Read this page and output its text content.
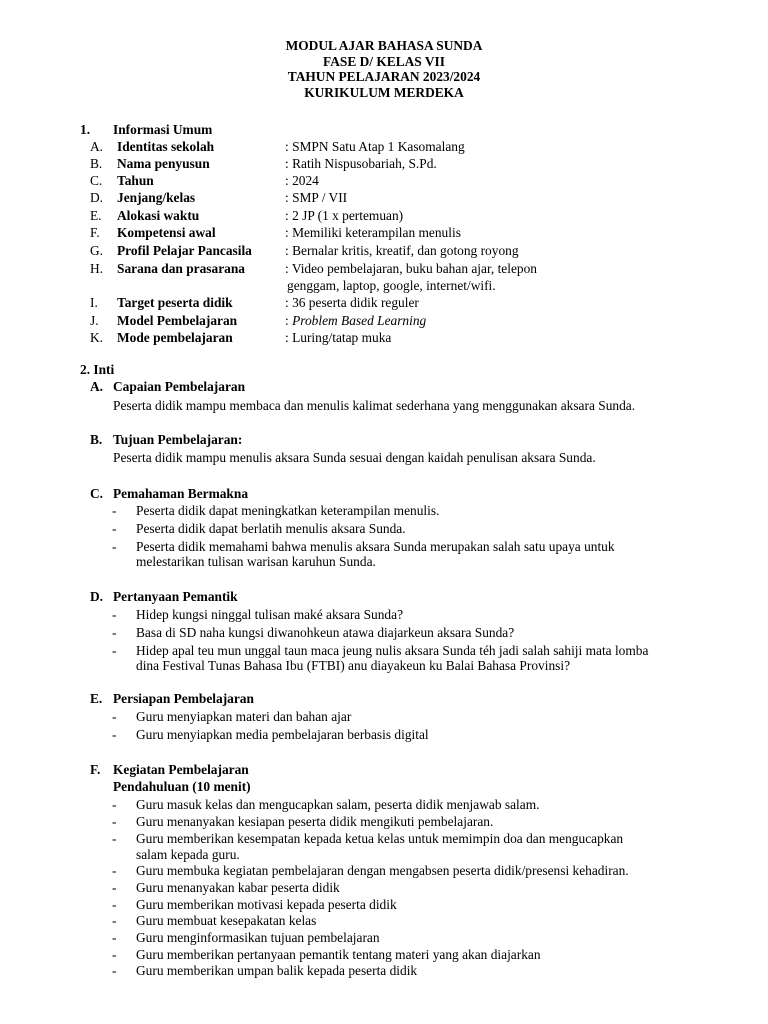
MODUL AJAR BAHASA SUNDA
FASE D/ KELAS VII
TAHUN PELAJARAN 2023/2024
KURIKULUM MERDEKA
1. Informasi Umum
A. Identitas sekolah	: SMPN Satu Atap 1 Kasomalang
B. Nama penyusun	: Ratih Nispusobariah, S.Pd.
C. Tahun	: 2024
D. Jenjang/kelas	: SMP / VII
E. Alokasi waktu	: 2 JP (1 x pertemuan)
F. Kompetensi awal	: Memiliki keterampilan menulis
G. Profil Pelajar Pancasila : Bernalar kritis, kreatif, dan gotong royong
H. Sarana dan prasarana	: Video pembelajaran, buku bahan ajar, telepon
genggam, laptop, google, internet/wifi.
I. Target peserta didik	: 36 peserta didik reguler
J. Model Pembelajaran	: Problem Based Learning
K. Mode pembelajaran	: Luring/tatap muka
2. Inti
A. Capaian Pembelajaran
Peserta didik mampu membaca dan menulis kalimat sederhana yang menggunakan aksara Sunda.
B. Tujuan Pembelajaran:
Peserta didik mampu menulis aksara Sunda sesuai dengan kaidah penulisan aksara Sunda.
C. Pemahaman Bermakna
- Peserta didik dapat meningkatkan keterampilan menulis.
- Peserta didik dapat berlatih menulis aksara Sunda.
- Peserta didik memahami bahwa menulis aksara Sunda merupakan salah satu upaya untuk
melestarikan tulisan warisan karuhun Sunda.
D. Pertanyaan Pemantik
- Hidep kungsi ninggal tulisan maké aksara Sunda?
- Basa di SD naha kungsi diwanohkeun atawa diajarkeun aksara Sunda?
- Hidep apal teu mun unggal taun maca jeung nulis aksara Sunda téh jadi salah sahiji mata lomba
dina Festival Tunas Bahasa Ibu (FTBI) anu diayakeun ku Balai Bahasa Provinsi?
E. Persiapan Pembelajaran
- Guru menyiapkan materi dan bahan ajar
- Guru menyiapkan media pembelajaran berbasis digital
F. Kegiatan Pembelajaran
Pendahuluan (10 menit)
- Guru masuk kelas dan mengucapkan salam, peserta didik menjawab salam.
- Guru menanyakan kesiapan peserta didik mengikuti pembelajaran.
- Guru memberikan kesempatan kepada ketua kelas untuk memimpin doa dan mengucapkan
salam kepada guru.
- Guru membuka kegiatan pembelajaran dengan mengabsen peserta didik/presensi kehadiran.
- Guru menanyakan kabar peserta didik
- Guru memberikan motivasi kepada peserta didik
- Guru membuat kesepakatan kelas
- Guru menginformasikan tujuan pembelajaran
- Guru memberikan pertanyaan pemantik tentang materi yang akan diajarkan
- Guru memberikan umpan balik kepada peserta didik
